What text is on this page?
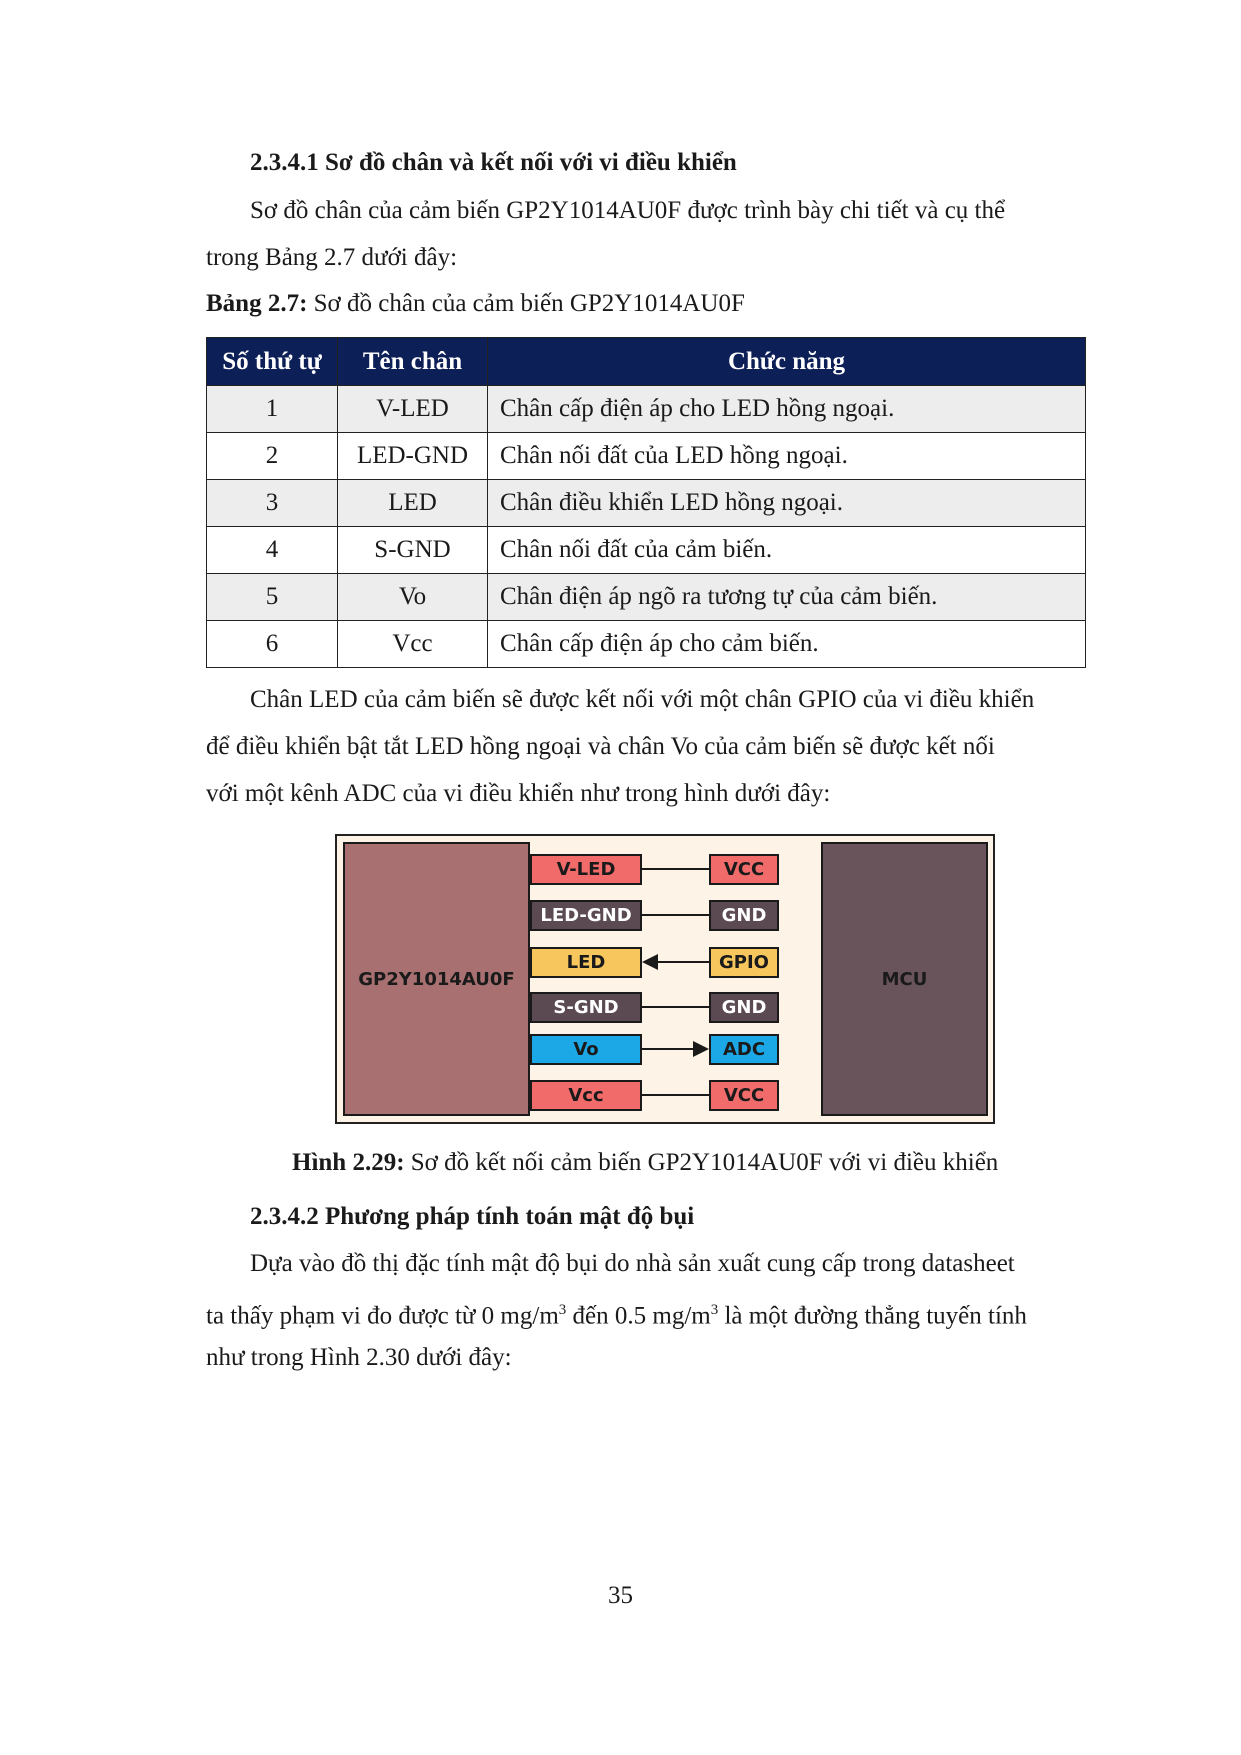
2.3.4.1 Sơ đồ chân và kết nối với vi điều khiển
Sơ đồ chân của cảm biến GP2Y1014AU0F được trình bày chi tiết và cụ thể
trong Bảng 2.7 dưới đây:
Bảng 2.7: Sơ đồ chân của cảm biến GP2Y1014AU0F
Số thứ tự	Tên chân	Chức năng
1	V-LED	Chân cấp điện áp cho LED hồng ngoại.
2	LED-GND	Chân nối đất của LED hồng ngoại.
3	LED	Chân điều khiển LED hồng ngoại.
4	S-GND	Chân nối đất của cảm biến.
5	Vo	Chân điện áp ngõ ra tương tự của cảm biến.
6	Vcc	Chân cấp điện áp cho cảm biến.
Chân LED của cảm biến sẽ được kết nối với một chân GPIO của vi điều khiển
để điều khiển bật tắt LED hồng ngoại và chân Vo của cảm biến sẽ được kết nối
với một kênh ADC của vi điều khiển như trong hình dưới đây:
GP2Y1014AU0F	MCU
V-LED
LED-GND
LED
S-GND
Vo
Vcc
VCC
GND
GPIO
GND
ADC
VCC
Hình 2.29: Sơ đồ kết nối cảm biến GP2Y1014AU0F với vi điều khiển
2.3.4.2 Phương pháp tính toán mật độ bụi
Dựa vào đồ thị đặc tính mật độ bụi do nhà sản xuất cung cấp trong datasheet
ta thấy phạm vi đo được từ 0 $mg/m^3$ đến 0.5 $mg/m^3$ là một đường thẳng tuyến tính
như trong Hình 2.30 dưới đây:
35
